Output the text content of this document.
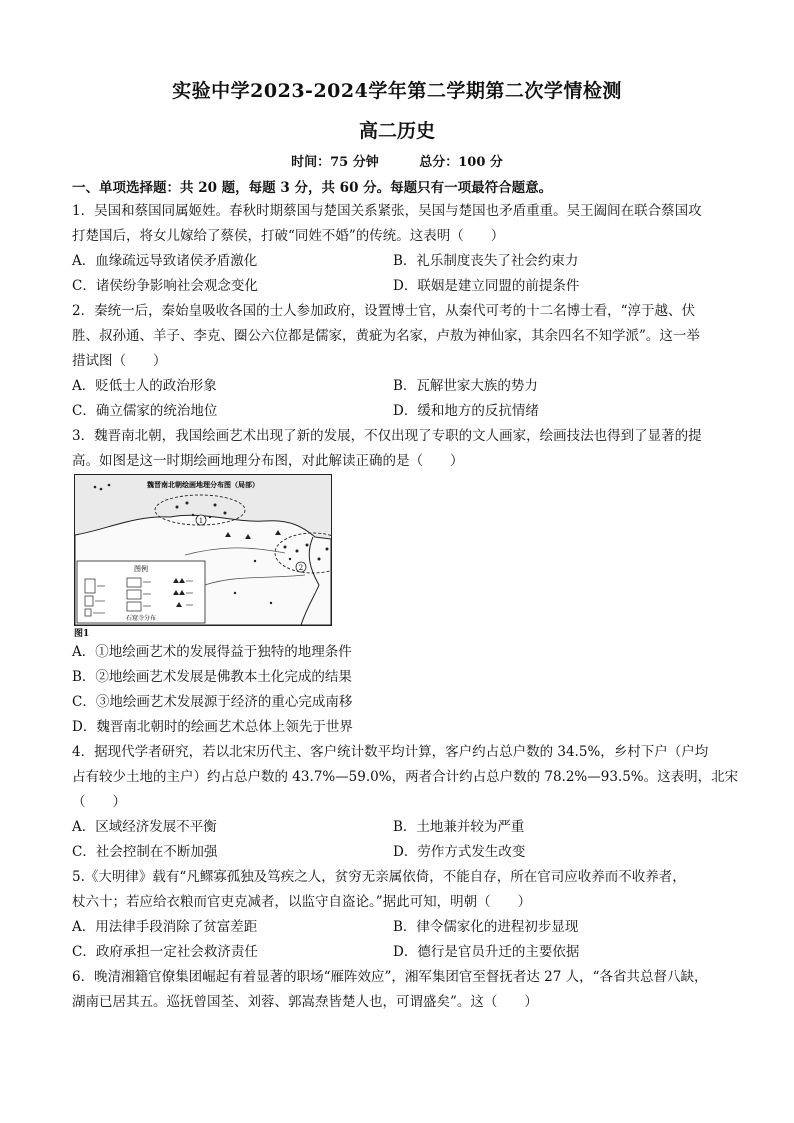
实验中学2023-2024学年第二学期第二次学情检测
高二历史
时间：75 分钟	总分：100 分
一、单项选择题：共 20 题，每题 3 分，共 60 分。每题只有一项最符合题意。
1．吴国和蔡国同属姬姓。春秋时期蔡国与楚国关系紧张，吴国与楚国也矛盾重重。吴王阖闾在联合蔡国攻
打楚国后，将女儿嫁给了蔡侯，打破“同姓不婚”的传统。这表明（　　）
A．血缘疏远导致诸侯矛盾激化	B．礼乐制度丧失了社会约束力
C．诸侯纷争影响社会观念变化	D．联姻是建立同盟的前提条件
2．秦统一后，秦始皇吸收各国的士人参加政府，设置博士官，从秦代可考的十二名博士看，“淳于越、伏
胜、叔孙通、羊子、李克、圈公六位都是儒家，黄疵为名家，卢敖为神仙家，其余四名不知学派”。这一举
措试图（　　）
A．贬低士人的政治形象	B．瓦解世家大族的势力
C．确立儒家的统治地位	D．缓和地方的反抗情绪
3．魏晋南北朝，我国绘画艺术出现了新的发展，不仅出现了专职的文人画家，绘画技法也得到了显著的提
高。如图是这一时期绘画地理分布图，对此解读正确的是（　　）
魏晋南北朝绘画地理分布图（局部）
1
2
图例
石窟寺分布
图1
A．①地绘画艺术的发展得益于独特的地理条件
B．②地绘画艺术发展是佛教本土化完成的结果
C．③地绘画艺术发展源于经济的重心完成南移
D．魏晋南北朝时的绘画艺术总体上领先于世界
4．据现代学者研究，若以北宋历代主、客户统计数平均计算，客户约占总户数的 34.5%，乡村下户（户均
占有较少土地的主户）约占总户数的 43.7%—59.0%，两者合计约占总户数的 78.2%—93.5%。这表明，北宋
（　　）
A．区域经济发展不平衡	B．土地兼并较为严重
C．社会控制在不断加强	D．劳作方式发生改变
5.《大明律》载有“凡鳏寡孤独及笃疾之人，贫穷无亲属依倚，不能自存，所在官司应收养而不收养者，
杖六十；若应给衣粮而官吏克减者，以监守自盗论。”据此可知，明朝（　　）
A．用法律手段消除了贫富差距	B．律令儒家化的进程初步显现
C．政府承担一定社会救济责任	D．德行是官员升迁的主要依据
6．晚清湘籍官僚集团崛起有着显著的职场“雁阵效应”，湘军集团官至督抚者达 27 人，“各省共总督八缺，
湖南已居其五。巡抚曾国荃、刘蓉、郭嵩焘皆楚人也，可谓盛矣”。这（　　）
